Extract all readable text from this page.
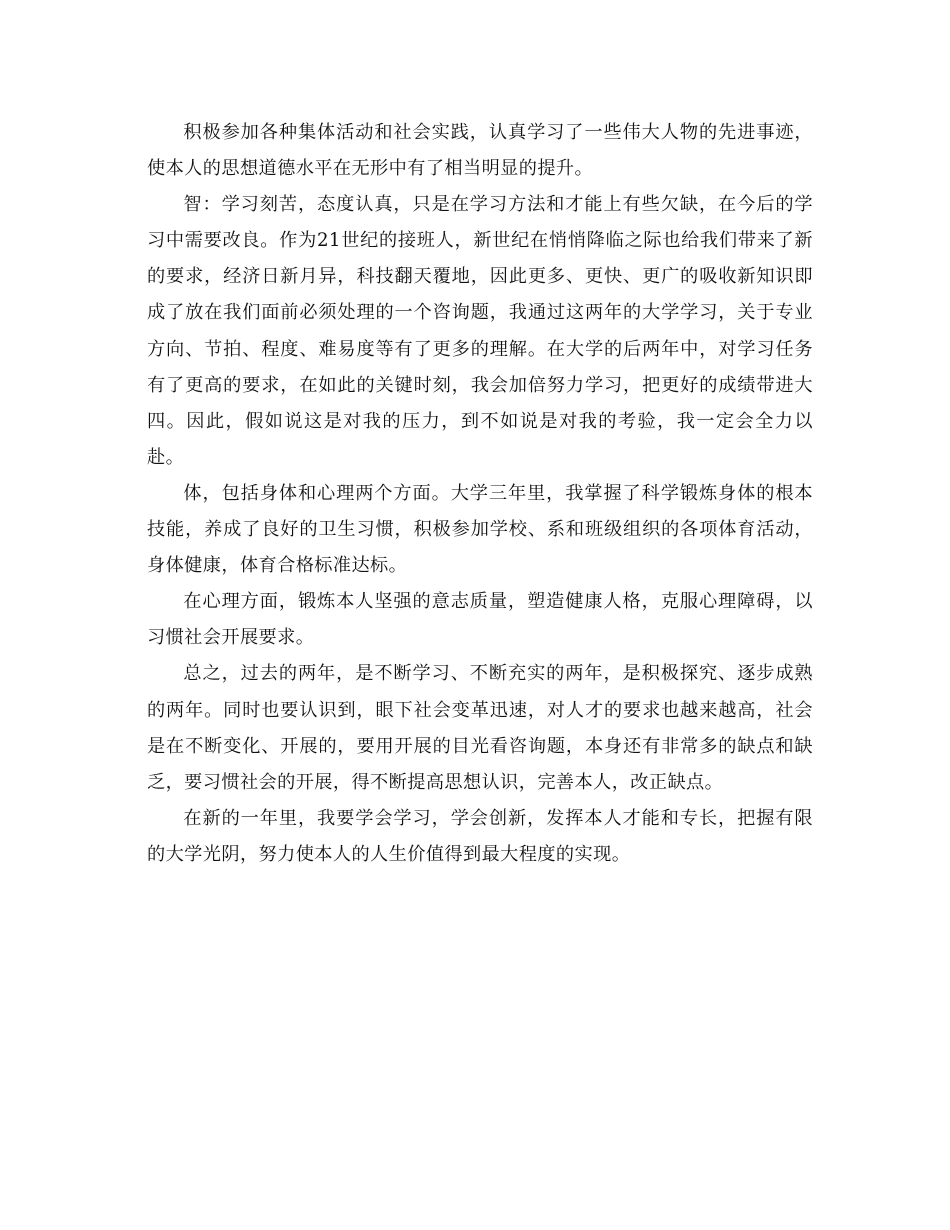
积极参加各种集体活动和社会实践，认真学习了一些伟大人物的先进事迹，使本人的思想道德水平在无形中有了相当明显的提升。

智：学习刻苦，态度认真，只是在学习方法和才能上有些欠缺，在今后的学习中需要改良。作为21世纪的接班人，新世纪在悄悄降临之际也给我们带来了新的要求，经济日新月异，科技翻天覆地，因此更多、更快、更广的吸收新知识即成了放在我们面前必须处理的一个咨询题，我通过这两年的大学学习，关于专业方向、节拍、程度、难易度等有了更多的理解。在大学的后两年中，对学习任务有了更高的要求，在如此的关键时刻，我会加倍努力学习，把更好的成绩带进大四。因此，假如说这是对我的压力，到不如说是对我的考验，我一定会全力以赴。

体，包括身体和心理两个方面。大学三年里，我掌握了科学锻炼身体的根本技能，养成了良好的卫生习惯，积极参加学校、系和班级组织的各项体育活动，身体健康，体育合格标准达标。

在心理方面，锻炼本人坚强的意志质量，塑造健康人格，克服心理障碍，以习惯社会开展要求。

总之，过去的两年，是不断学习、不断充实的两年，是积极探究、逐步成熟的两年。同时也要认识到，眼下社会变革迅速，对人才的要求也越来越高，社会是在不断变化、开展的，要用开展的目光看咨询题，本身还有非常多的缺点和缺乏，要习惯社会的开展，得不断提高思想认识，完善本人，改正缺点。

在新的一年里，我要学会学习，学会创新，发挥本人才能和专长，把握有限的大学光阴，努力使本人的人生价值得到最大程度的实现。
